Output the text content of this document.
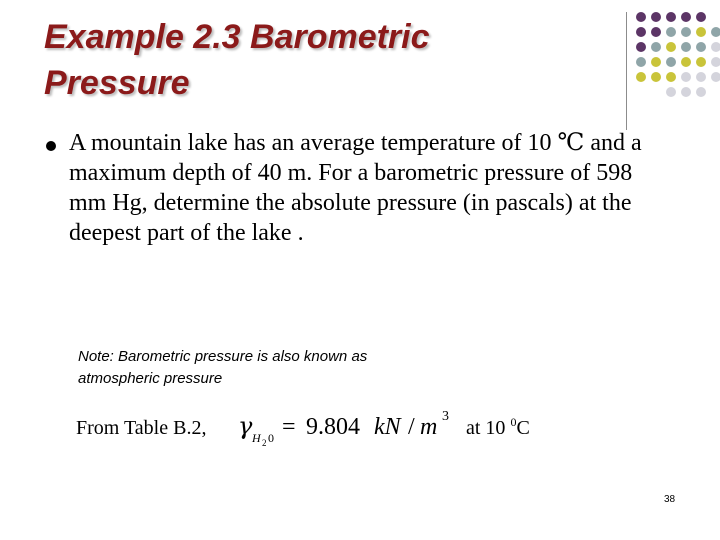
Example 2.3 Barometric
Pressure

A mountain lake has an average temperature of 10 ℃ and a maximum depth of 40 m. For a barometric pressure of 598 mm Hg, determine the absolute pressure (in pascals) at the deepest part of the lake .

Note: Barometric pressure is also known as
atmospheric pressure

From Table B.2, γ H 2 0 = 9.804 kN / m 3
at 10 $^0$C
38
